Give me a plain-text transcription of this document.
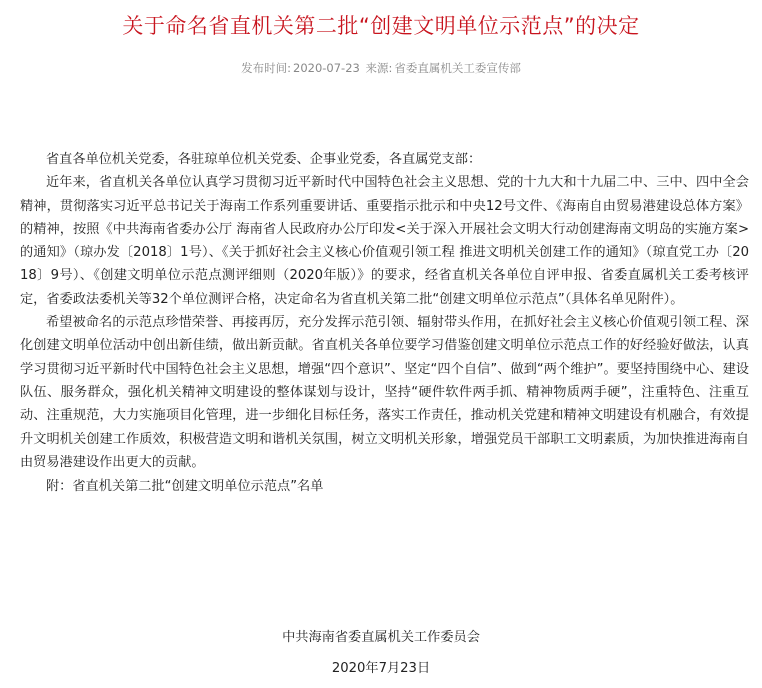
关于命名省直机关第二批“创建文明单位示范点”的决定
发布时间: 2020-07-23 来源: 省委直属机关工委宣传部

省直各单位机关党委，各驻琼单位机关党委、企事业党委，各直属党支部：

近年来，省直机关各单位认真学习贯彻习近平新时代中国特色社会主义思想、党的十九大和十九届二中、三中、四中全会精神，贯彻落实习近平总书记关于海南工作系列重要讲话、重要指示批示和中央12号文件、《海南自由贸易港建设总体方案》的精神，按照《中共海南省委办公厅 海南省人民政府办公厅印发<关于深入开展社会文明大行动创建海南文明岛的实施方案>的通知》（琼办发〔2018〕1号）、《关于抓好社会主义核心价值观引领工程 推进文明机关创建工作的通知》（琼直党工办〔2018〕9号）、《创建文明单位示范点测评细则（2020年版）》的要求，经省直机关各单位自评申报、省委直属机关工委考核评定，省委政法委机关等32个单位测评合格，决定命名为省直机关第二批“创建文明单位示范点”（具体名单见附件）。

希望被命名的示范点珍惜荣誉、再接再厉，充分发挥示范引领、辐射带头作用，在抓好社会主义核心价值观引领工程、深化创建文明单位活动中创出新佳绩，做出新贡献。省直机关各单位要学习借鉴创建文明单位示范点工作的好经验好做法，认真学习贯彻习近平新时代中国特色社会主义思想，增强“四个意识”、坚定“四个自信”、做到“两个维护”。要坚持围绕中心、建设队伍、服务群众，强化机关精神文明建设的整体谋划与设计，坚持“硬件软件两手抓、精神物质两手硬”，注重特色、注重互动、注重规范，大力实施项目化管理，进一步细化目标任务，落实工作责任，推动机关党建和精神文明建设有机融合，有效提升文明机关创建工作质效，积极营造文明和谐机关氛围，树立文明机关形象，增强党员干部职工文明素质，为加快推进海南自由贸易港建设作出更大的贡献。

附：省直机关第二批“创建文明单位示范点”名单

中共海南省委直属机关工作委员会
2020年7月23日
